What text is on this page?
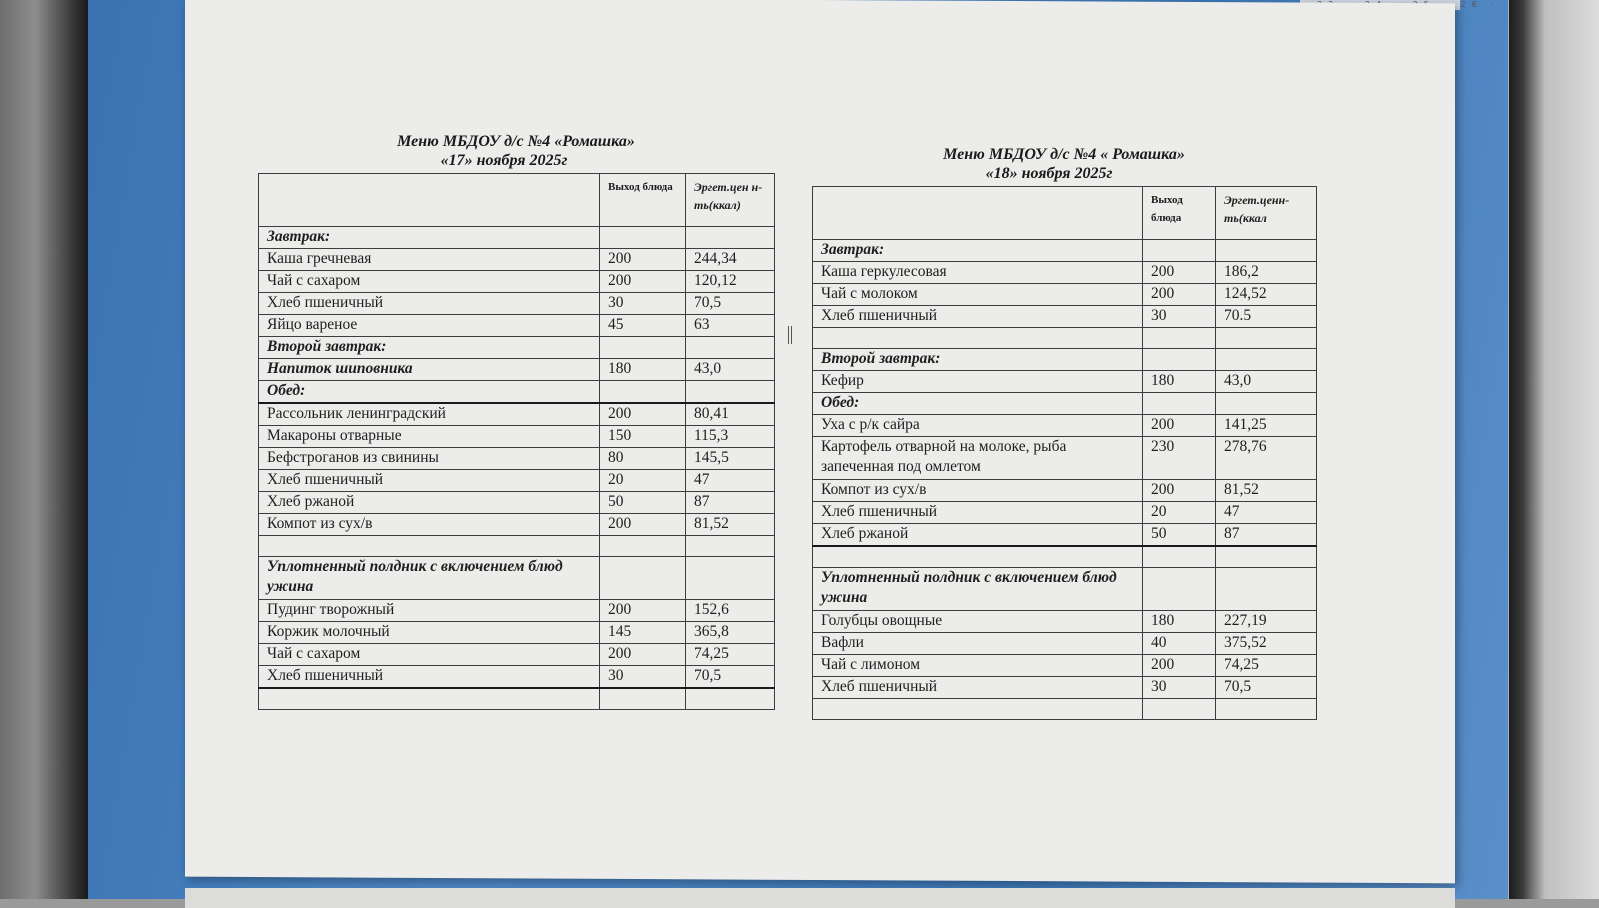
Меню МБДОУ д/с №4 «Ромашка»
«17» ноября 2025г
	Выход блюда	Эргет.цен н-ть(ккал)
Завтрак:		
Каша гречневая	200	244,34
Чай с сахаром	200	120,12
Хлеб пшеничный	30	70,5
Яйцо вареное	45	63
Второй завтрак:		
Напиток шиповника	180	43,0
Обед:		
Рассольник ленинградский	200	80,41
Макароны отварные	150	115,3
Бефстроганов из свинины	80	145,5
Хлеб пшеничный	20	47
Хлеб ржаной	50	87
Компот из сух/в	200	81,52

Уплотненный полдник с включением блюд ужина		
Пудинг творожный	200	152,6
Коржик молочный	145	365,8
Чай с сахаром	200	74,25
Хлеб пшеничный	30	70,5

Меню МБДОУ д/с №4 « Ромашка»
«18» ноября 2025г
	Выход блюда	Эргет.ценн-ть(ккал
Завтрак:		
Каша геркулесовая	200	186,2
Чай с молоком	200	124,52
Хлеб пшеничный	30	70.5

Второй завтрак:		
Кефир	180	43,0
Обед:		
Уха с р/к сайра	200	141,25
Картофель отварной на молоке, рыба запеченная под омлетом	230	278,76
Компот из сух/в	200	81,52
Хлеб пшеничный	20	47
Хлеб ржаной	50	87

Уплотненный полдник с включением блюд ужина		
Голубцы овощные	180	227,19
Вафли	40	375,52
Чай с лимоном	200	74,25
Хлеб пшеничный	30	70,5
